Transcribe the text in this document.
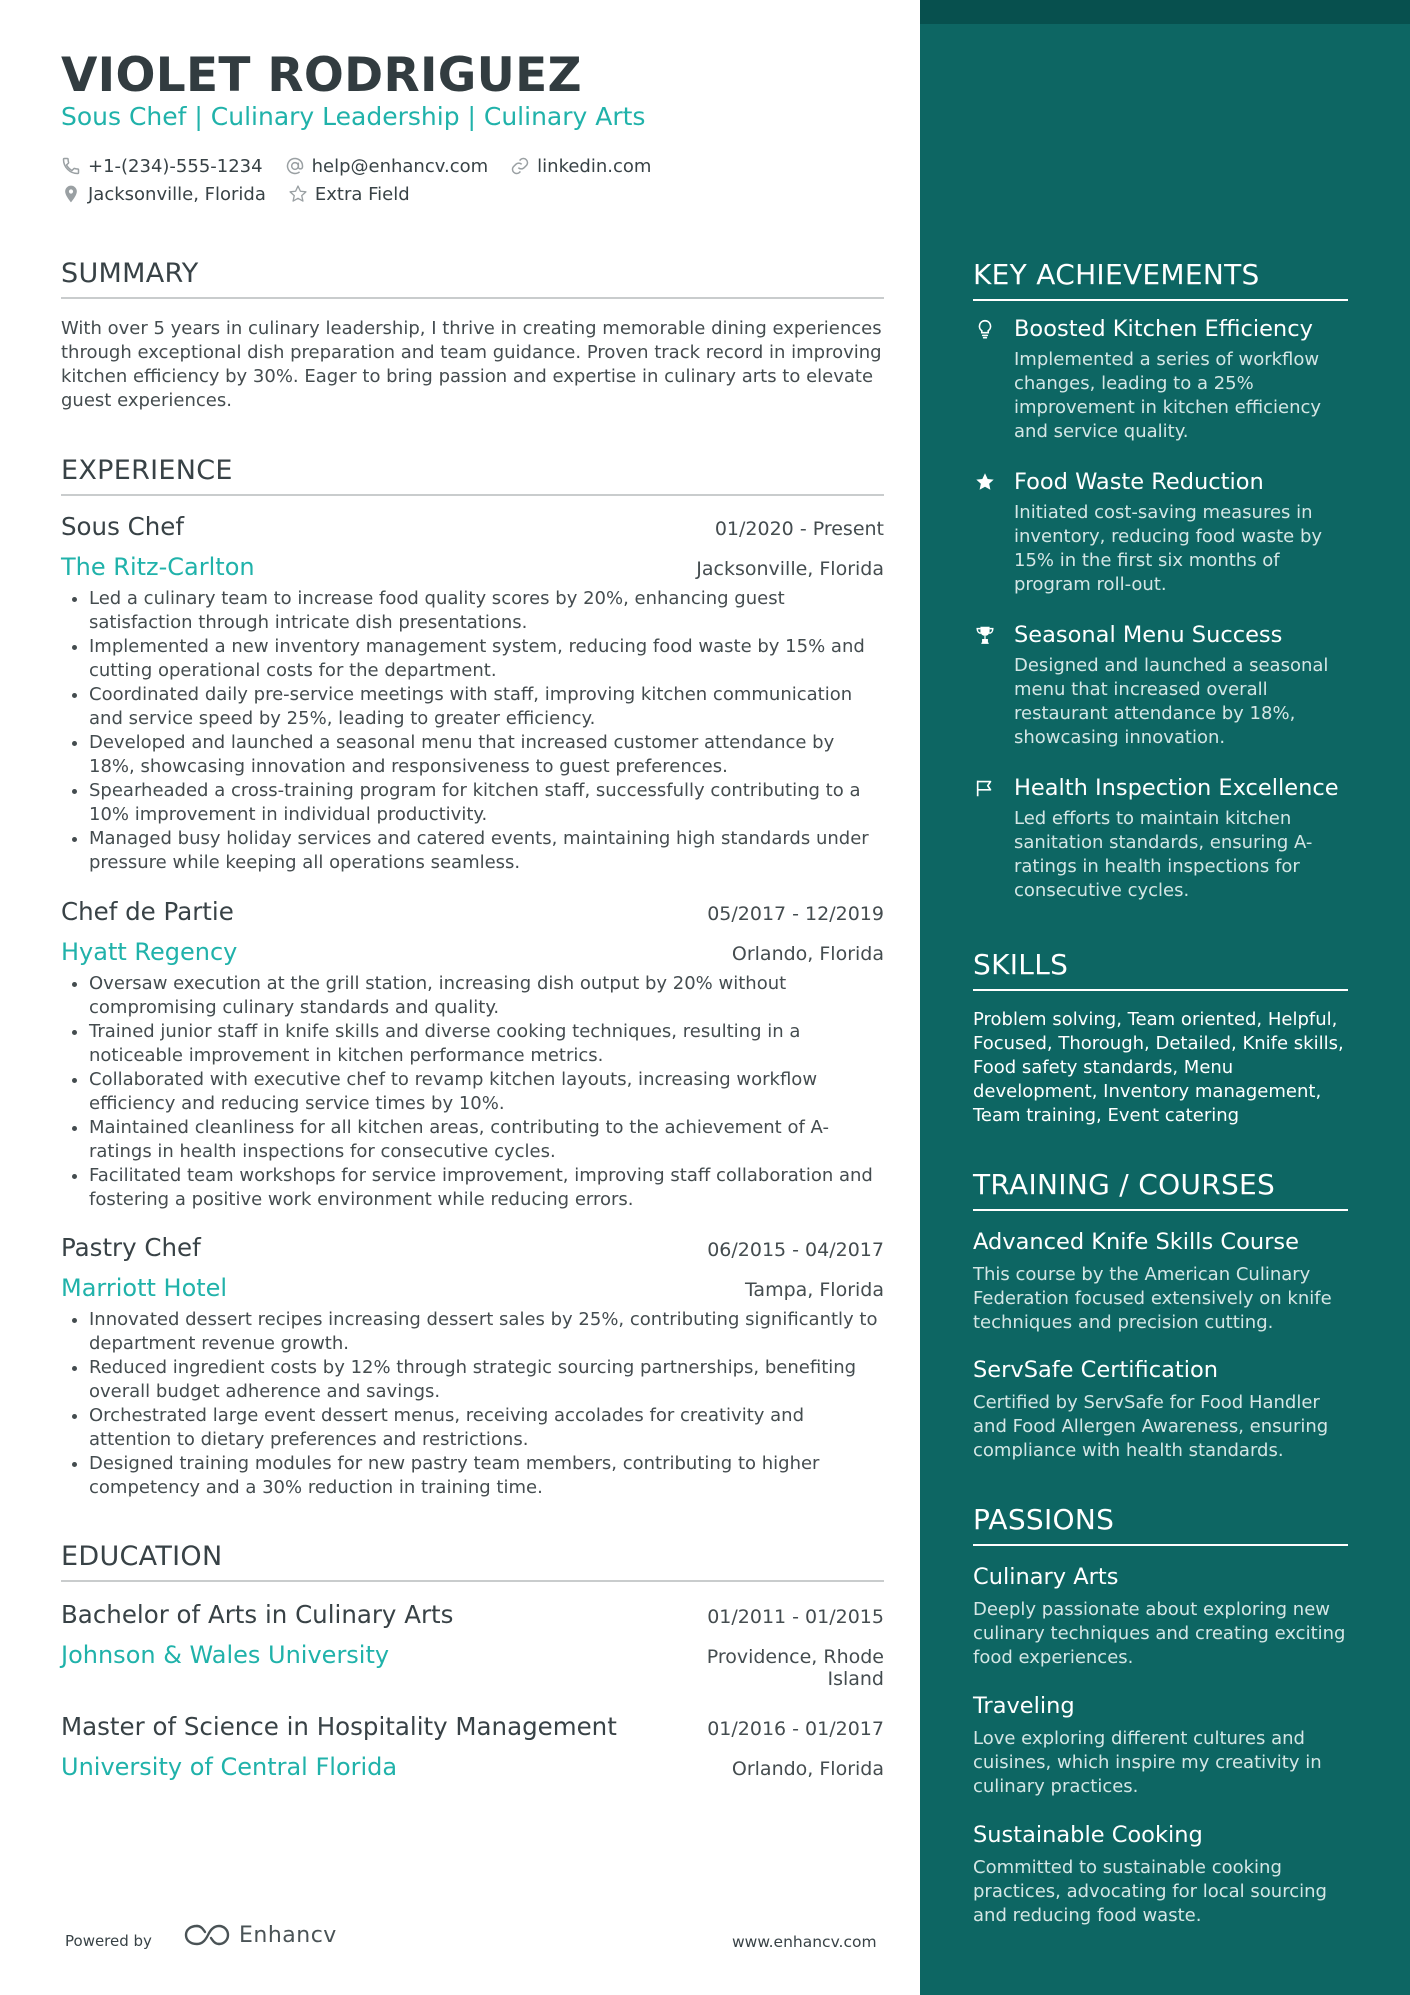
VIOLET RODRIGUEZ
Sous Chef | Culinary Leadership | Culinary Arts
+1-(234)-555-1234	help@enhancv.com	linkedin.com
Jacksonville, Florida	Extra Field
SUMMARY
With over 5 years in culinary leadership, I thrive in creating memorable dining experiences through exceptional dish preparation and team guidance. Proven track record in improving kitchen efficiency by 30%. Eager to bring passion and expertise in culinary arts to elevate guest experiences.
EXPERIENCE
Sous Chef	01/2020 - Present
The Ritz-Carlton	Jacksonville, Florida
• Led a culinary team to increase food quality scores by 20%, enhancing guest satisfaction through intricate dish presentations.
• Implemented a new inventory management system, reducing food waste by 15% and cutting operational costs for the department.
• Coordinated daily pre-service meetings with staff, improving kitchen communication and service speed by 25%, leading to greater efficiency.
• Developed and launched a seasonal menu that increased customer attendance by 18%, showcasing innovation and responsiveness to guest preferences.
• Spearheaded a cross-training program for kitchen staff, successfully contributing to a 10% improvement in individual productivity.
• Managed busy holiday services and catered events, maintaining high standards under pressure while keeping all operations seamless.
Chef de Partie	05/2017 - 12/2019
Hyatt Regency	Orlando, Florida
• Oversaw execution at the grill station, increasing dish output by 20% without compromising culinary standards and quality.
• Trained junior staff in knife skills and diverse cooking techniques, resulting in a noticeable improvement in kitchen performance metrics.
• Collaborated with executive chef to revamp kitchen layouts, increasing workflow efficiency and reducing service times by 10%.
• Maintained cleanliness for all kitchen areas, contributing to the achievement of A-ratings in health inspections for consecutive cycles.
• Facilitated team workshops for service improvement, improving staff collaboration and fostering a positive work environment while reducing errors.
Pastry Chef	06/2015 - 04/2017
Marriott Hotel	Tampa, Florida
• Innovated dessert recipes increasing dessert sales by 25%, contributing significantly to department revenue growth.
• Reduced ingredient costs by 12% through strategic sourcing partnerships, benefiting overall budget adherence and savings.
• Orchestrated large event dessert menus, receiving accolades for creativity and attention to dietary preferences and restrictions.
• Designed training modules for new pastry team members, contributing to higher competency and a 30% reduction in training time.
EDUCATION
Bachelor of Arts in Culinary Arts	01/2011 - 01/2015
Johnson & Wales University	Providence, Rhode Island
Master of Science in Hospitality Management	01/2016 - 01/2017
University of Central Florida	Orlando, Florida
Powered by	Enhancv	www.enhancv.com
KEY ACHIEVEMENTS
Boosted Kitchen Efficiency
Implemented a series of workflow changes, leading to a 25% improvement in kitchen efficiency and service quality.
Food Waste Reduction
Initiated cost-saving measures in inventory, reducing food waste by 15% in the first six months of program roll-out.
Seasonal Menu Success
Designed and launched a seasonal menu that increased overall restaurant attendance by 18%, showcasing innovation.
Health Inspection Excellence
Led efforts to maintain kitchen sanitation standards, ensuring A-ratings in health inspections for consecutive cycles.
SKILLS
Problem solving, Team oriented, Helpful, Focused, Thorough, Detailed, Knife skills, Food safety standards, Menu development, Inventory management, Team training, Event catering
TRAINING / COURSES
Advanced Knife Skills Course
This course by the American Culinary Federation focused extensively on knife techniques and precision cutting.
ServSafe Certification
Certified by ServSafe for Food Handler and Food Allergen Awareness, ensuring compliance with health standards.
PASSIONS
Culinary Arts
Deeply passionate about exploring new culinary techniques and creating exciting food experiences.
Traveling
Love exploring different cultures and cuisines, which inspire my creativity in culinary practices.
Sustainable Cooking
Committed to sustainable cooking practices, advocating for local sourcing and reducing food waste.
